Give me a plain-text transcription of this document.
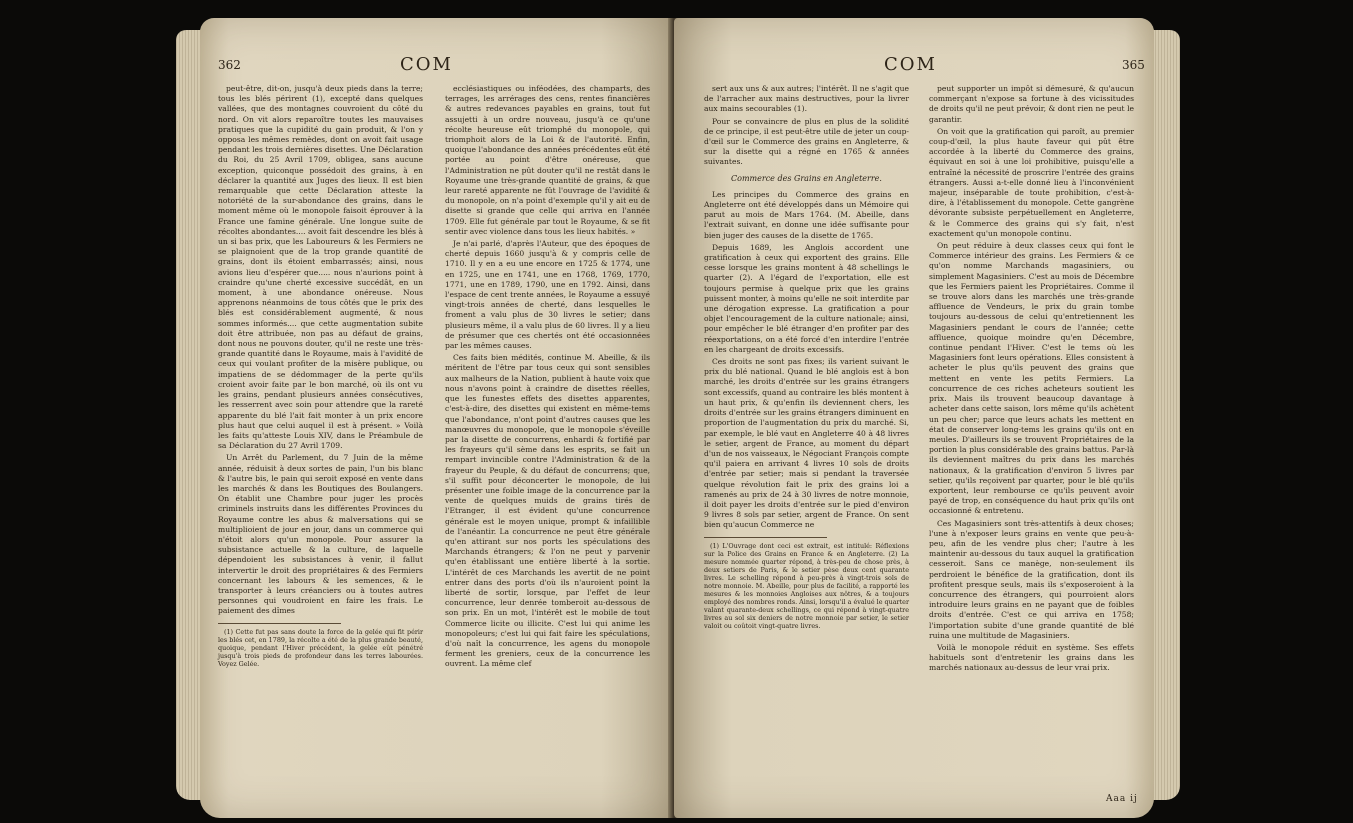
362	COM

peut-être, dit-on, jusqu'à deux pieds dans la terre; tous les blés périrent (1), excepté dans quelques vallées, que des montagnes couvroient du côté du nord. On vit alors reparoître toutes les mauvaises pratiques que la cupidité du gain produit, & l'on y opposa les mêmes remèdes, dont on avoit fait usage pendant les trois dernières disettes. Une Déclaration du Roi, du 25 Avril 1709, obligea, sans aucune exception, quiconque possédoit des grains, à en déclarer la quantité aux Juges des lieux. Il est bien remarquable que cette Déclaration atteste la notoriété de la sur-abondance des grains, dans le moment même où le monopole faisoit éprouver à la France une famine générale. Une longue suite de récoltes abondantes.... avoit fait descendre les blés à un si bas prix, que les Laboureurs & les Fermiers ne se plaignoient que de la trop grande quantité de grains, dont ils étoient embarrassés; ainsi, nous avions lieu d'espérer que..... nous n'aurions point à craindre qu'une cherté excessive succédât, en un moment, à une abondance onéreuse. Nous apprenons néanmoins de tous côtés que le prix des blés est considérablement augmenté, & nous sommes informés.... que cette augmentation subite doit être attribuée, non pas au défaut de grains, dont nous ne pouvons douter, qu'il ne reste une très-grande quantité dans le Royaume, mais à l'avidité de ceux qui voulant profiter de la misère publique, ou impatiens de se dédommager de la perte qu'ils croient avoir faite par le bon marché, où ils ont vu les grains, pendant plusieurs années consécutives, les resserrent avec soin pour attendre que la rareté apparente du blé l'ait fait monter à un prix encore plus haut que celui auquel il est à présent. » Voilà les faits qu'atteste Louis XIV, dans le Préambule de sa Déclaration du 27 Avril 1709.

Un Arrêt du Parlement, du 7 Juin de la même année, réduisit à deux sortes de pain, l'un bis blanc & l'autre bis, le pain qui seroit exposé en vente dans les marchés & dans les Boutiques des Boulangers. On établit une Chambre pour juger les procès criminels instruits dans les différentes Provinces du Royaume contre les abus & malversations qui se multiplioient de jour en jour, dans un commerce qui n'étoit alors qu'un monopole. Pour assurer la subsistance actuelle & la culture, de laquelle dépendoient les subsistances à venir, il fallut intervertir le droit des propriétaires & des Fermiers concernant les labours & les semences, & le transporter à leurs créanciers ou à toutes autres personnes qui voudroient en faire les frais. Le paiement des dîmes

(1) Cette fut pas sans doute la force de la gelée qui fit périr les blés cet, en 1789, la récolte a été de la plus grande beauté, quoique, pendant l'Hiver précédent, la gelée eût pénétré jusqu'à trois pieds de profondeur dans les terres labourées. Voyez Gelée.

ecclésiastiques ou inféodées, des champarts, des terrages, les arrérages des cens, rentes financières & autres redevances payables en grains, tout fut assujetti à un ordre nouveau, jusqu'à ce qu'une récolte heureuse eût triomphé du monopole, qui triomphoit alors de la Loi & de l'autorité. Enfin, quoique l'abondance des années précédentes eût été portée au point d'être onéreuse, que l'Administration ne pût douter qu'il ne restât dans le Royaume une très-grande quantité de grains, & que leur rareté apparente ne fût l'ouvrage de l'avidité & du monopole, on n'a point d'exemple qu'il y ait eu de disette si grande que celle qui arriva en l'année 1709. Elle fut générale par tout le Royaume, & se fit sentir avec violence dans tous les lieux habités. »

Je n'ai parlé, d'après l'Auteur, que des époques de cherté depuis 1660 jusqu'à & y compris celle de 1710. Il y en a eu une encore en 1725 & 1774, une en 1725, une en 1741, une en 1768, 1769, 1770, 1771, une en 1789, 1790, une en 1792. Ainsi, dans l'espace de cent trente années, le Royaume a essuyé vingt-trois années de cherté, dans lesquelles le froment a valu plus de 30 livres le setier; dans plusieurs même, il a valu plus de 60 livres. Il y a lieu de présumer que ces chertés ont été occasionnées par les mêmes causes.

Ces faits bien médités, continue M. Abeille, & ils méritent de l'être par tous ceux qui sont sensibles aux malheurs de la Nation, publient à haute voix que nous n'avons point à craindre de disettes réelles, que les funestes effets des disettes apparentes, c'est-à-dire, des disettes qui existent en même-tems que l'abondance, n'ont point d'autres causes que les manœuvres du monopole, que le monopole s'éveille par la disette de concurrens, enhardi & fortifié par les frayeurs qu'il sème dans les esprits, se fait un rempart invincible contre l'Administration & de la frayeur du Peuple, & du défaut de concurrens; que, s'il suffit pour déconcerter le monopole, de lui présenter une foible image de la concurrence par la vente de quelques muids de grains tirés de l'Etranger, il est évident qu'une concurrence générale est le moyen unique, prompt & infaillible de l'anéantir. La concurrence ne peut être générale qu'en attirant sur nos ports les spéculations des Marchands étrangers; & l'on ne peut y parvenir qu'en établissant une entière liberté à la sortie. L'intérêt de ces Marchands les avertit de ne point entrer dans des ports d'où ils n'auroient point la liberté de sortir, lorsque, par l'effet de leur concurrence, leur denrée tomberoit au-dessous de son prix. En un mot, l'intérêt est le mobile de tout Commerce licite ou illicite. C'est lui qui anime les monopoleurs; c'est lui qui fait faire les spéculations, d'où naît la concurrence, les agens du monopole ferment les greniers, ceux de la concurrence les ouvrent. La même clef

COM	365

sert aux uns & aux autres; l'intérêt. Il ne s'agit que de l'arracher aux mains destructives, pour la livrer aux mains secourables (1).

Pour se convaincre de plus en plus de la solidité de ce principe, il est peut-être utile de jeter un coup-d'œil sur le Commerce des grains en Angleterre, & sur la disette qui a régné en 1765 & années suivantes.

Commerce des Grains en Angleterre.

Les principes du Commerce des grains en Angleterre ont été développés dans un Mémoire qui parut au mois de Mars 1764. (M. Abeille, dans l'extrait suivant, en donne une idée suffisante pour bien juger des causes de la disette de 1765.

Depuis 1689, les Anglois accordent une gratification à ceux qui exportent des grains. Elle cesse lorsque les grains montent à 48 schellings le quarter (2). A l'égard de l'exportation, elle est toujours permise à quelque prix que les grains puissent monter, à moins qu'elle ne soit interdite par une dérogation expresse. La gratification a pour objet l'encouragement de la culture nationale; ainsi, pour empêcher le blé étranger d'en profiter par des réexportations, on a été forcé d'en interdire l'entrée en les chargeant de droits excessifs.

Ces droits ne sont pas fixes; ils varient suivant le prix du blé national. Quand le blé anglois est à bon marché, les droits d'entrée sur les grains étrangers sont excessifs, quand au contraire les blés montent à un haut prix, & qu'enfin ils deviennent chers, les droits d'entrée sur les grains étrangers diminuent en proportion de l'augmentation du prix du marché. Si, par exemple, le blé vaut en Angleterre 40 à 48 livres le setier, argent de France, au moment du départ d'un de nos vaisseaux, le Négociant François compte qu'il paiera en arrivant 4 livres 10 sols de droits d'entrée par setier; mais si pendant la traversée quelque révolution fait le prix des grains loi a ramenés au prix de 24 à 30 livres de notre monnoie, il doit payer les droits d'entrée sur le pied d'environ 9 livres 8 sols par setier, argent de France. On sent bien qu'aucun Commerce ne

(1) L'Ouvrage dont ceci est extrait, est intitulé: Réflexions sur la Police des Grains en France & en Angleterre. (2) La mesure nommée quarter répond, à très-peu de chose près, à deux setiers de Paris, & le setier pèse deux cent quarante livres. Le schelling répond à peu-près à vingt-trois sols de notre monnoie. M. Abeille, pour plus de facilité, a rapporté les mesures & les monnoies Angloises aux nôtres, & a toujours employé des nombres ronds. Ainsi, lorsqu'il a évalué le quarter valant quarante-deux schellings, ce qui répond à vingt-quatre livres au sol six deniers de notre monnoie par setier, le setier valoit ou coûtoit vingt-quatre livres.

peut supporter un impôt si démesuré, & qu'aucun commerçant n'expose sa fortune à des vicissitudes de droits qu'il ne peut prévoir, & dont rien ne peut le garantir.

On voit que la gratification qui paroît, au premier coup-d'œil, la plus haute faveur qui pût être accordée à la liberté du Commerce des grains, équivaut en soi à une loi prohibitive, puisqu'elle a entraîné la nécessité de proscrire l'entrée des grains étrangers. Aussi a-t-elle donné lieu à l'inconvénient majeur, inséparable de toute prohibition, c'est-à-dire, à l'établissement du monopole. Cette gangrène dévorante subsiste perpétuellement en Angleterre, & le Commerce des grains qui s'y fait, n'est exactement qu'un monopole continu.

On peut réduire à deux classes ceux qui font le Commerce intérieur des grains. Les Fermiers & ce qu'on nomme Marchands magasiniers, ou simplement Magasiniers. C'est au mois de Décembre que les Fermiers paient les Propriétaires. Comme il se trouve alors dans les marchés une très-grande affluence de Vendeurs, le prix du grain tombe toujours au-dessous de celui qu'entretiennent les Magasiniers pendant le cours de l'année; cette affluence, quoique moindre qu'en Décembre, continue pendant l'Hiver. C'est le tems où les Magasiniers font leurs opérations. Elles consistent à acheter le plus qu'ils peuvent des grains que mettent en vente les petits Fermiers. La concurrence de ces riches acheteurs soutient les prix. Mais ils trouvent beaucoup davantage à acheter dans cette saison, lors même qu'ils achètent un peu cher; parce que leurs achats les mettent en état de conserver long-tems les grains qu'ils ont en meules. D'ailleurs ils se trouvent Propriétaires de la portion la plus considérable des grains battus. Par-là ils deviennent maîtres du prix dans les marchés nationaux, & la gratification d'environ 5 livres par setier, qu'ils reçoivent par quarter, pour le blé qu'ils exportent, leur rembourse ce qu'ils peuvent avoir payé de trop, en conséquence du haut prix qu'ils ont occasionné & entretenu.

Ces Magasiniers sont très-attentifs à deux choses; l'une à n'exposer leurs grains en vente que peu-à-peu, afin de les vendre plus cher; l'autre à les maintenir au-dessous du taux auquel la gratification cesseroit. Sans ce manège, non-seulement ils perdroient le bénéfice de la gratification, dont ils profitent presque seuls, mais ils s'exposeroient à la concurrence des étrangers, qui pourroient alors introduire leurs grains en ne payant que de foibles droits d'entrée. C'est ce qui arriva en 1758; l'importation subite d'une grande quantité de blé ruina une multitude de Magasiniers.

Voilà le monopole réduit en système. Ses effets habituels sont d'entretenir les grains dans les marchés nationaux au-dessus de leur vrai prix.

Aaa ij
